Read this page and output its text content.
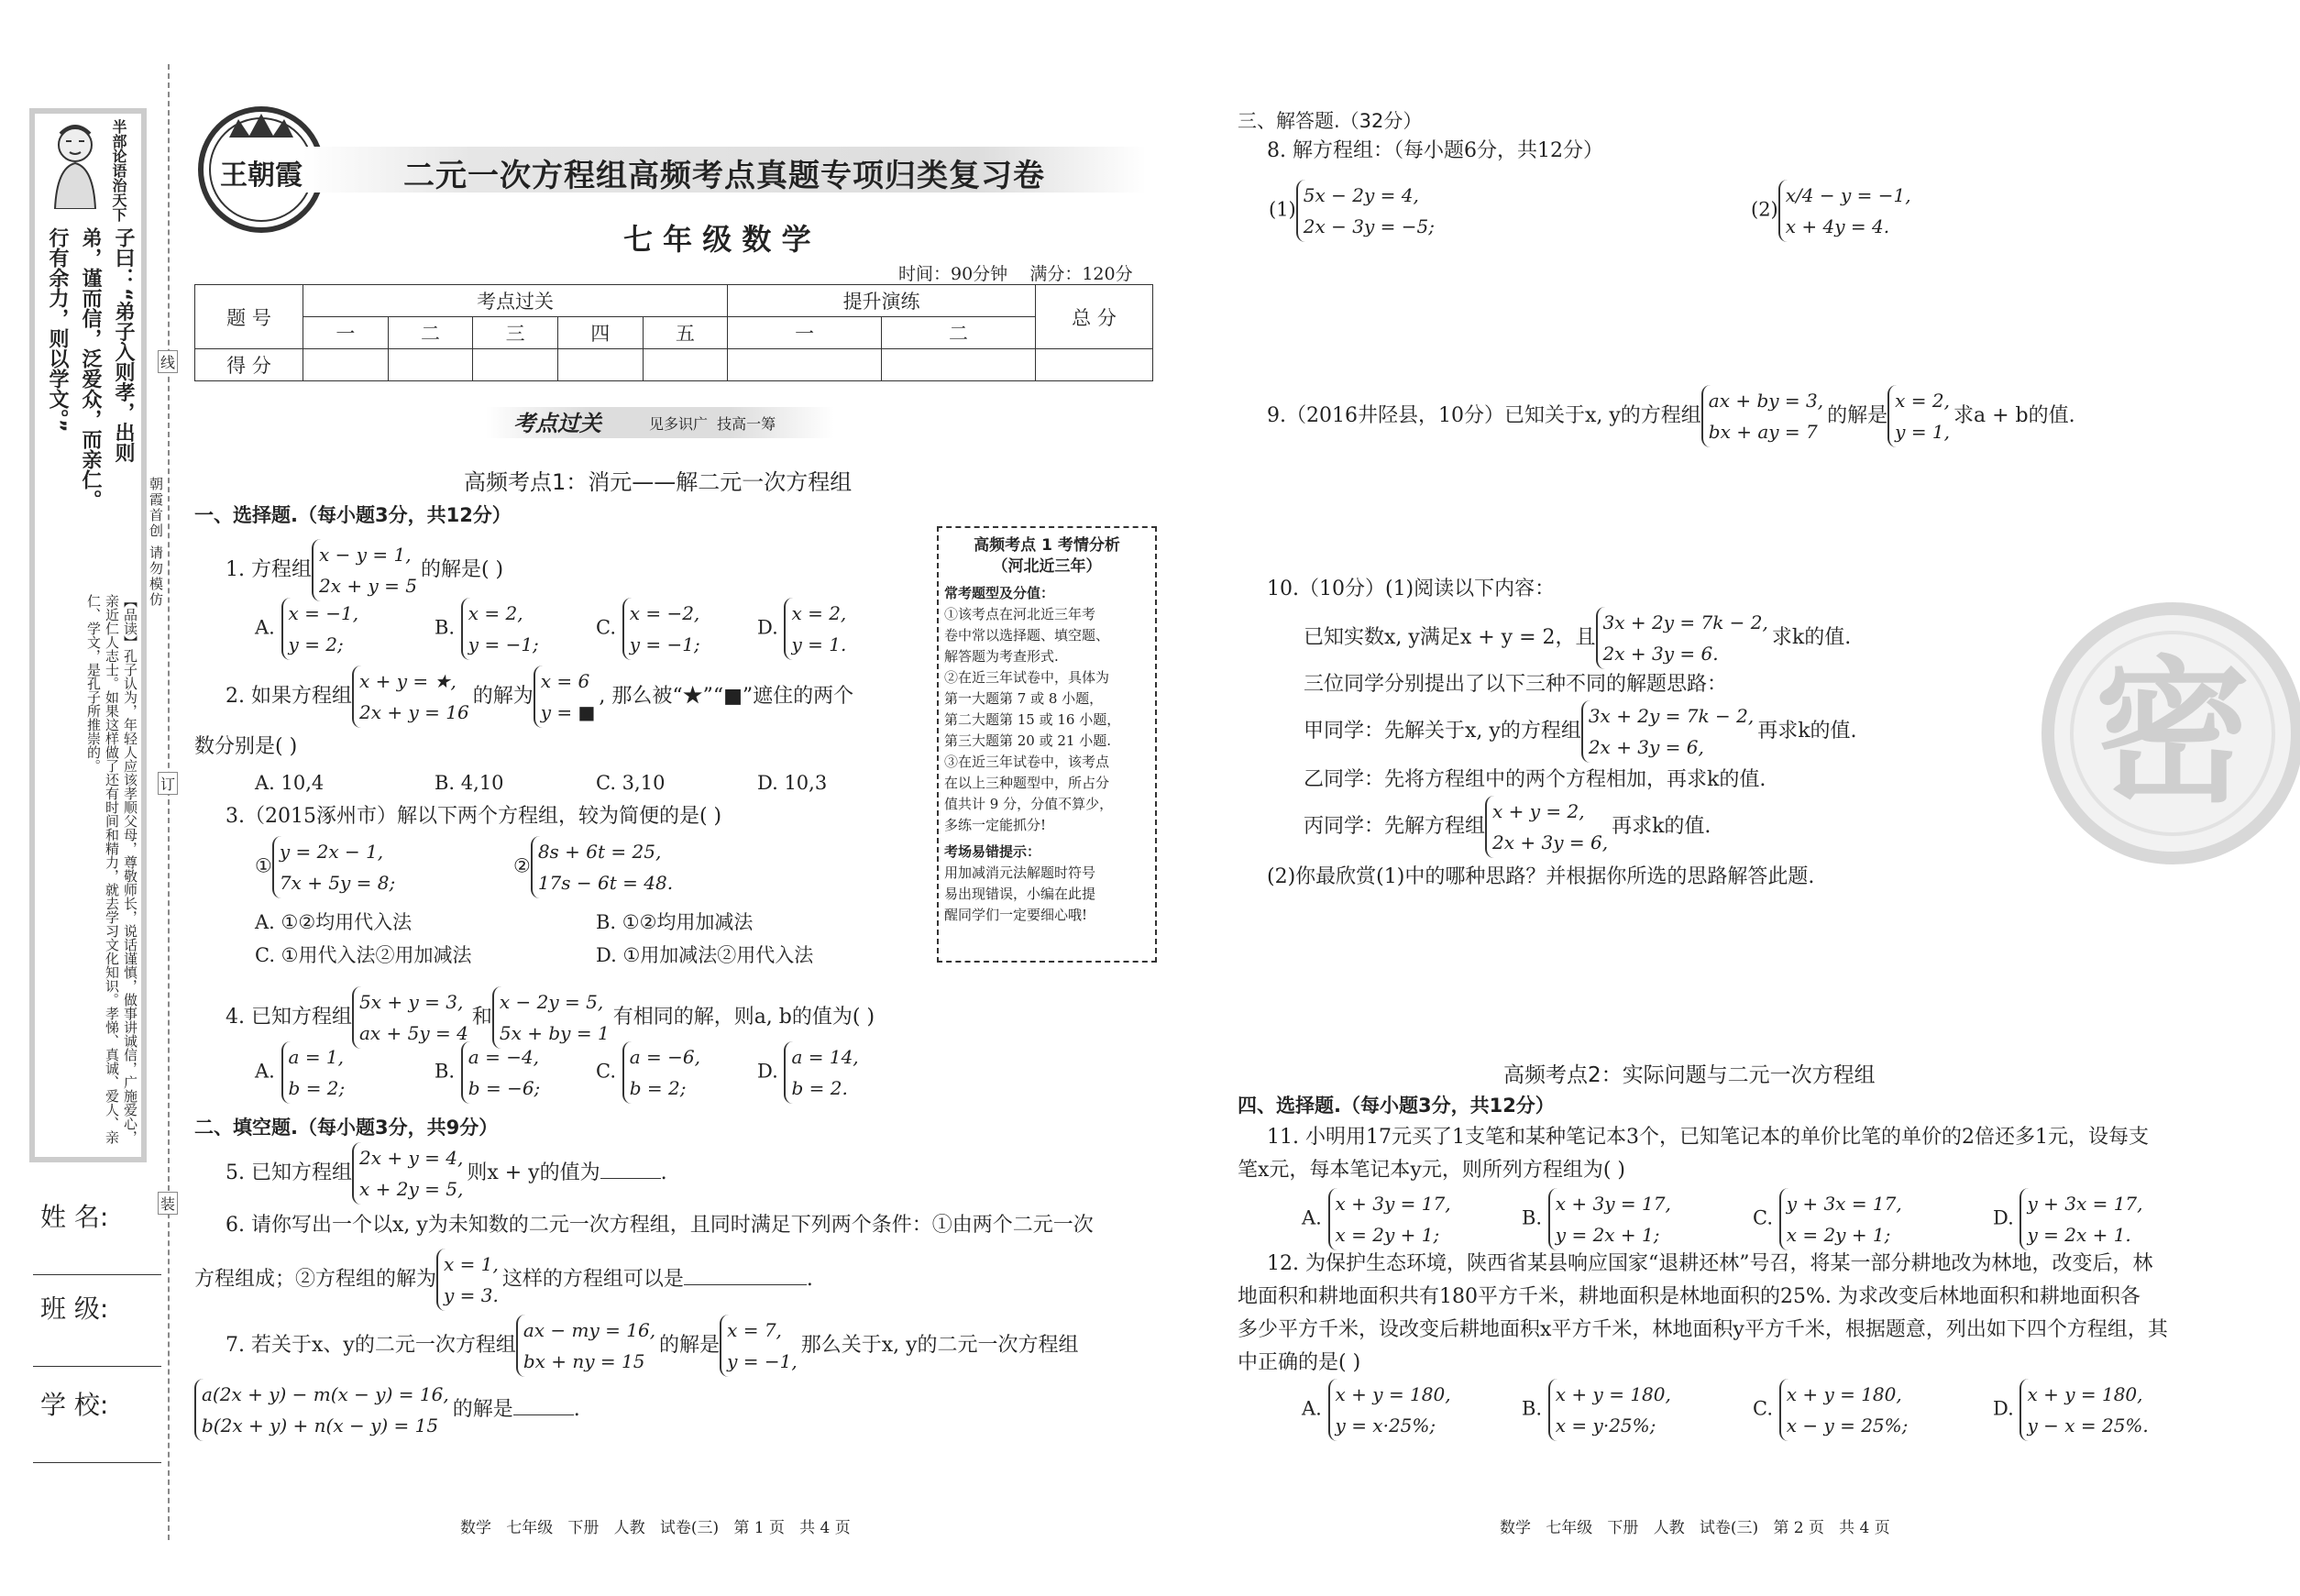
半部论语治天下
子曰：“弟子入则孝，出则
弟，谨而信，泛爱众，而亲仁。
行有余力，则以学文。”
【品读】孔子认为，年轻人应该孝顺父母，尊敬师长，说话谨慎，做事讲诚信，广施爱心，亲近仁人志士。如果这样做了还有时间和精力，就去学习文化知识。孝悌、真诚、爱人、亲仁、学文，是孔子所推崇的。
姓 名:
班 级:
学 校:
线
订
装
朝霞首创 请勿模仿
王朝霞	二元一次方程组高频考点真题专项归类复习卷
七 年 级 数 学
时间：90分钟    满分：120分
题 号	考点过关					提升演练		总 分
	一	二	三	四	五	一	二	
得 分								
考点过关	见多识广  技高一筹
高频考点1：消元——解二元一次方程组
一、选择题.（每小题3分，共12分）
1. 方程组
x − y = 1,
2x + y = 5
的解是( )
A.
x = −1,
y = 2;
B.
x = 2,
y = −1;
C.
x = −2,
y = −1;
D.
x = 2,
y = 1.
2. 如果方程组
x + y = ★,
2x + y = 16
的解为
x = 6
y = ■
, 那么被“★”“■”遮住的两个
数分别是( )
A. 10,4	B. 4,10	C. 3,10	D. 10,3
3.（2015涿州市）解以下两个方程组，较为简便的是( )
①
y = 2x − 1,
7x + 5y = 8;
②
8s + 6t = 25,
17s − 6t = 48.
A. ①②均用代入法	B. ①②均用加减法
C. ①用代入法②用加减法	D. ①用加减法②用代入法
4. 已知方程组
5x + y = 3,
ax + 5y = 4
和
x − 2y = 5,
5x + by = 1
有相同的解，则a, b的值为( )
A.
a = 1,
b = 2;
B.
a = −4,
b = −6;
C.
a = −6,
b = 2;
D.
a = 14,
b = 2.
二、填空题.（每小题3分，共9分）
5. 已知方程组
2x + y = 4,
x + 2y = 5,
则x + y的值为	.
6. 请你写出一个以x, y为未知数的二元一次方程组，且同时满足下列两个条件：①由两个二元一次
方程组成；②方程组的解为
x = 1,
y = 3.
这样的方程组可以是	.
7. 若关于x、y的二元一次方程组
ax − my = 16,
bx + ny = 15
的解是
x = 7,
y = −1,
那么关于x, y的二元一次方程组
a(2x + y) − m(x − y) = 16,
b(2x + y) + n(x − y) = 15
的解是	.
高频考点 1 考情分析
（河北近三年）
常考题型及分值：
①该考点在河北近三年考
卷中常以选择题、填空题、
解答题为考查形式.
②在近三年试卷中，具体为
第一大题第 7 或 8 小题，
第二大题第 15 或 16 小题，
第三大题第 20 或 21 小题.
③在近三年试卷中，该考点
在以上三种题型中，所占分
值共计 9 分，分值不算少，
多练一定能抓分!
考场易错提示：
用加减消元法解题时符号
易出现错误，小编在此提
醒同学们一定要细心哦!
数学   七年级   下册   人教   试卷(三)   第 1 页   共 4 页
三、解答题.（32分）
8. 解方程组：（每小题6分，共12分）
(1)
5x − 2y = 4,
2x − 3y = −5;
(2)
x/4 − y = −1,
x + 4y = 4.
9.（2016井陉县，10分）已知关于x, y的方程组
ax + by = 3,
bx + ay = 7
的解是
x = 2,
y = 1,
求a + b的值.
10.（10分）(1)阅读以下内容：
已知实数x, y满足x + y = 2，且
3x + 2y = 7k − 2,
2x + 3y = 6.
求k的值.
三位同学分别提出了以下三种不同的解题思路：
甲同学：先解关于x, y的方程组
3x + 2y = 7k − 2,
2x + 3y = 6,
再求k的值.
乙同学：先将方程组中的两个方程相加，再求k的值.
丙同学：先解方程组
x + y = 2,
2x + 3y = 6,
再求k的值.
(2)你最欣赏(1)中的哪种思路？并根据你所选的思路解答此题.
高频考点2：实际问题与二元一次方程组
四、选择题.（每小题3分，共12分）
11. 小明用17元买了1支笔和某种笔记本3个，已知笔记本的单价比笔的单价的2倍还多1元，设每支
笔x元，每本笔记本y元，则所列方程组为( )
A.
x + 3y = 17,
x = 2y + 1;
B.
x + 3y = 17,
y = 2x + 1;
C.
y + 3x = 17,
x = 2y + 1;
D.
y + 3x = 17,
y = 2x + 1.
12. 为保护生态环境，陕西省某县响应国家“退耕还林”号召，将某一部分耕地改为林地，改变后，林
地面积和耕地面积共有180平方千米，耕地面积是林地面积的25%. 为求改变后林地面积和耕地面积各
多少平方千米，设改变后耕地面积x平方千米，林地面积y平方千米，根据题意，列出如下四个方程组，其
中正确的是( )
A.
x + y = 180,
y = x·25%;
B.
x + y = 180,
x = y·25%;
C.
x + y = 180,
x − y = 25%;
D.
x + y = 180,
y − x = 25%.
密
数学   七年级   下册   人教   试卷(三)   第 2 页   共 4 页
